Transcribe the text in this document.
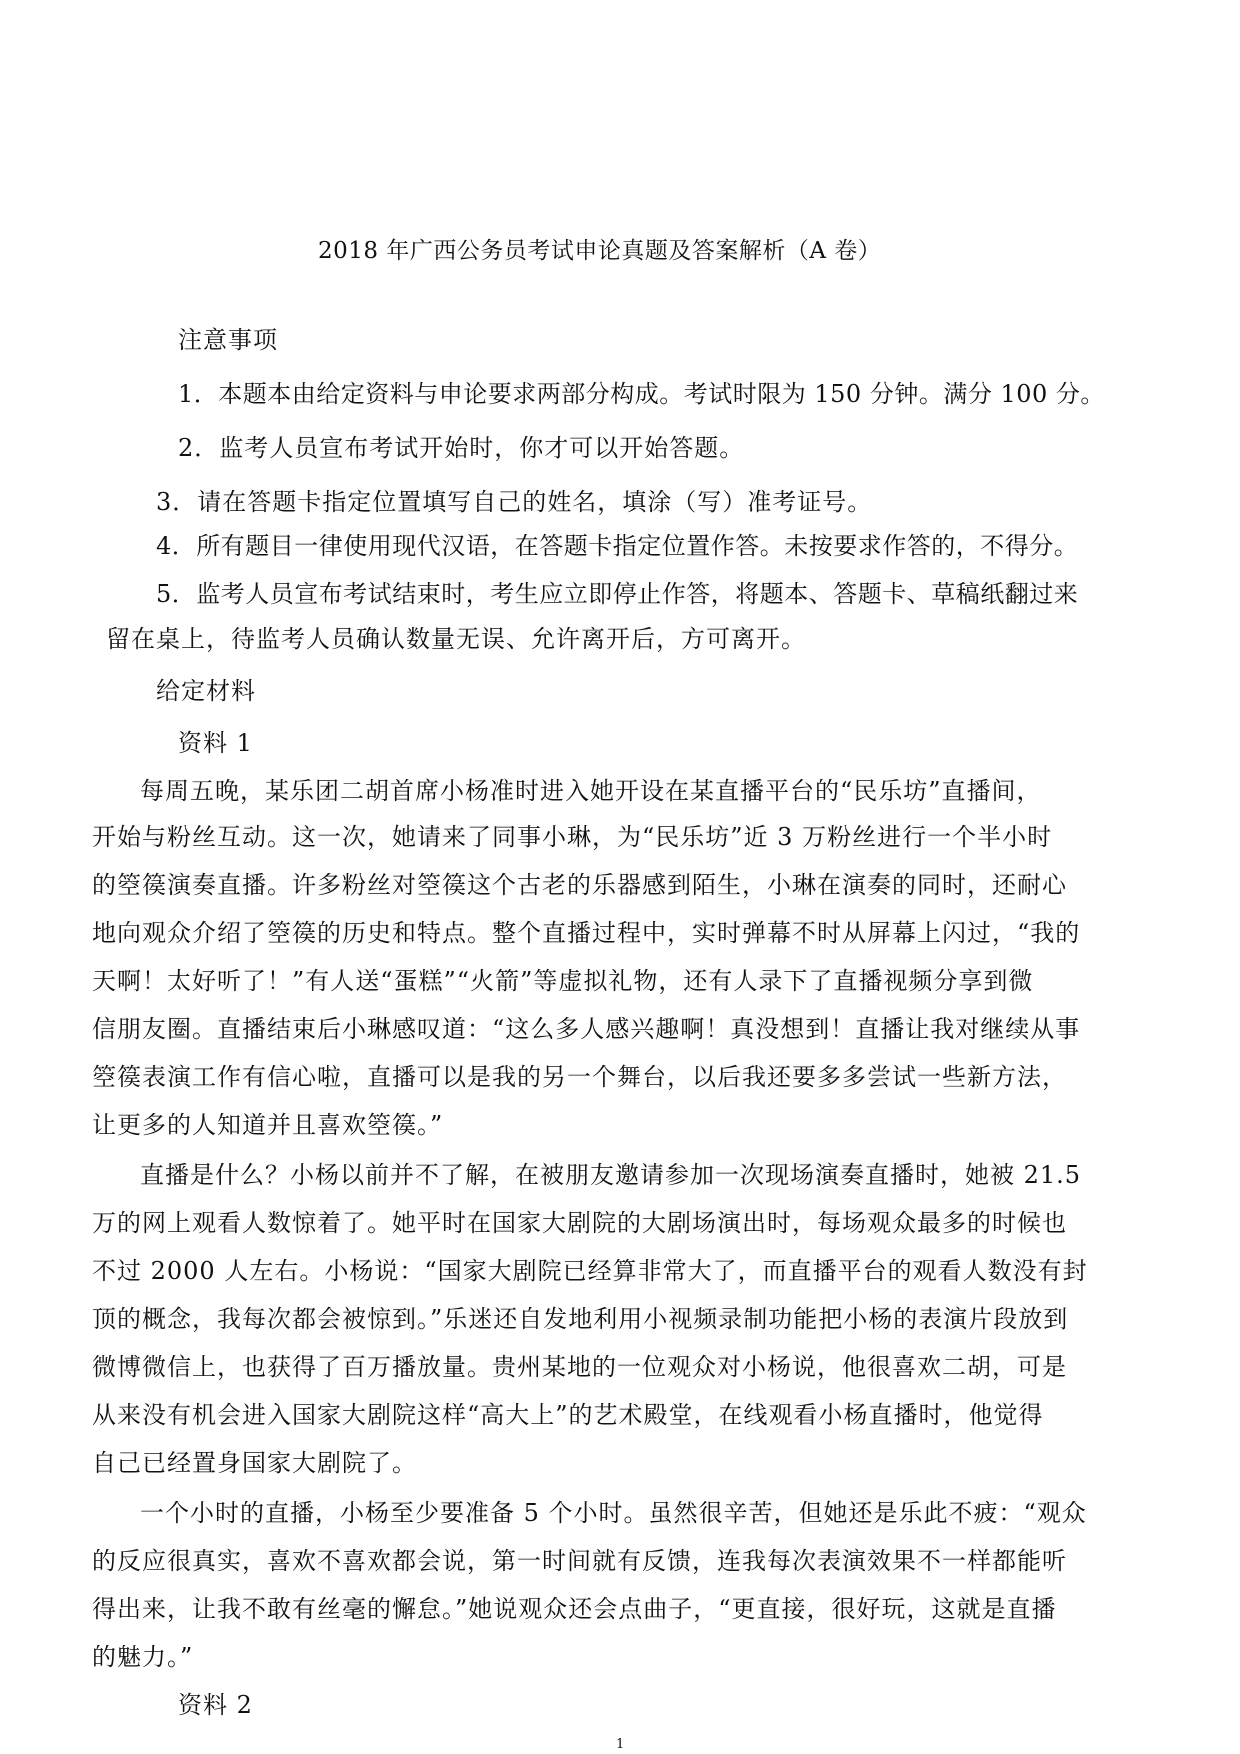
2018 年广西公务员考试申论真题及答案解析（A 卷）

注意事项

1．本题本由给定资料与申论要求两部分构成。考试时限为 150 分钟。满分 100 分。

2．监考人员宣布考试开始时，你才可以开始答题。

3．请在答题卡指定位置填写自己的姓名，填涂（写）准考证号。

4．所有题目一律使用现代汉语，在答题卡指定位置作答。未按要求作答的，不得分。

5．监考人员宣布考试结束时，考生应立即停止作答，将题本、答题卡、草稿纸翻过来

留在桌上，待监考人员确认数量无误、允许离开后，方可离开。

给定材料

资料 1

每周五晚，某乐团二胡首席小杨准时进入她开设在某直播平台的“民乐坊”直播间，

开始与粉丝互动。这一次，她请来了同事小琳，为“民乐坊”近 3 万粉丝进行一个半小时

的箜篌演奏直播。许多粉丝对箜篌这个古老的乐器感到陌生，小琳在演奏的同时，还耐心

地向观众介绍了箜篌的历史和特点。整个直播过程中，实时弹幕不时从屏幕上闪过，“我的

天啊！太好听了！”有人送“蛋糕”“火箭”等虚拟礼物，还有人录下了直播视频分享到微

信朋友圈。直播结束后小琳感叹道：“这么多人感兴趣啊！真没想到！直播让我对继续从事

箜篌表演工作有信心啦，直播可以是我的另一个舞台，以后我还要多多尝试一些新方法，

让更多的人知道并且喜欢箜篌。”

直播是什么？小杨以前并不了解，在被朋友邀请参加一次现场演奏直播时，她被 21.5

万的网上观看人数惊着了。她平时在国家大剧院的大剧场演出时，每场观众最多的时候也

不过 2000 人左右。小杨说：“国家大剧院已经算非常大了，而直播平台的观看人数没有封

顶的概念，我每次都会被惊到。”乐迷还自发地利用小视频录制功能把小杨的表演片段放到

微博微信上，也获得了百万播放量。贵州某地的一位观众对小杨说，他很喜欢二胡，可是

从来没有机会进入国家大剧院这样“高大上”的艺术殿堂，在线观看小杨直播时，他觉得

自己已经置身国家大剧院了。

一个小时的直播，小杨至少要准备 5 个小时。虽然很辛苦，但她还是乐此不疲：“观众

的反应很真实，喜欢不喜欢都会说，第一时间就有反馈，连我每次表演效果不一样都能听

得出来，让我不敢有丝毫的懈怠。”她说观众还会点曲子，“更直接，很好玩，这就是直播

的魅力。”

资料 2

1
